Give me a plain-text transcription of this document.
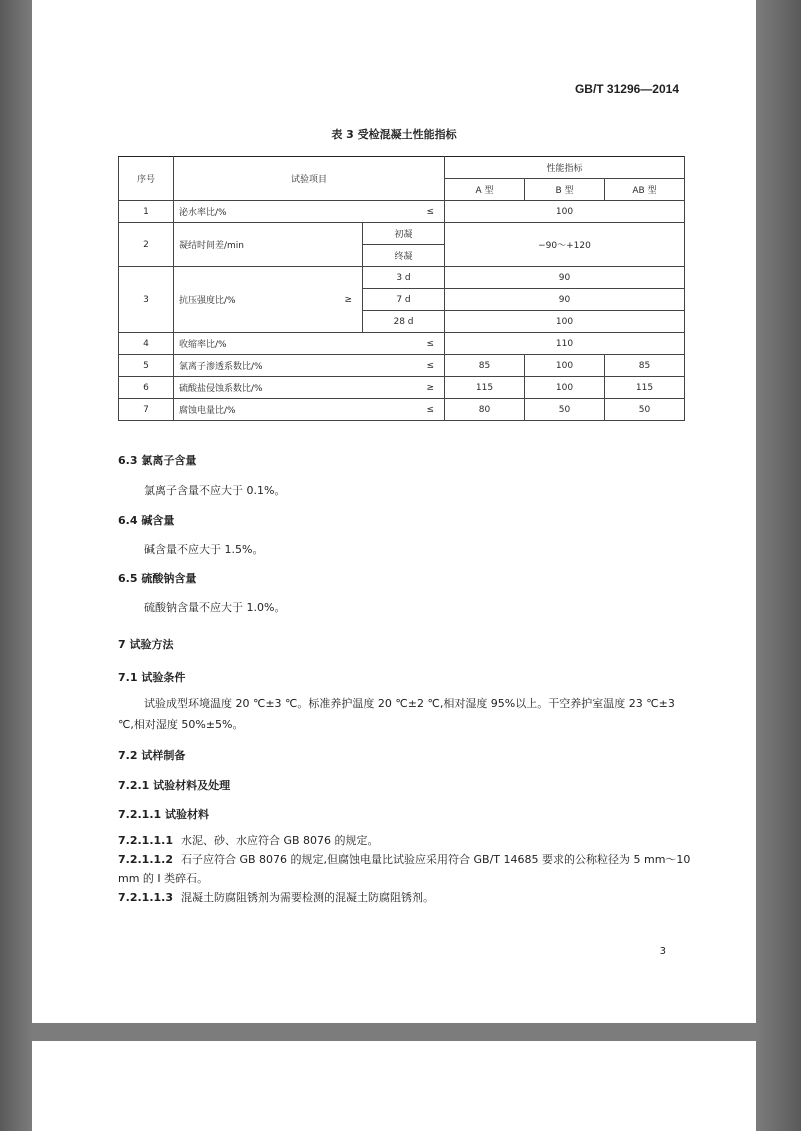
GB/T 31296—2014
表 3 受检混凝土性能指标
序号	试验项目			性能指标		
				A 型	B 型	AB 型
1	泌水率比/%		≤	100		
2	凝结时间差/min		初凝	−90～+120		
			终凝			
3	抗压强度比/%	≥	3 d	90		
			7 d	90		
			28 d	100		
4	收缩率比/%		≤	110		
5	氯离子渗透系数比/%		≤	85	100	85
6	硫酸盐侵蚀系数比/%		≥	115	100	115
7	腐蚀电量比/%		≤	80	50	50
6.3 氯离子含量
氯离子含量不应大于 0.1%。
6.4 碱含量
碱含量不应大于 1.5%。
6.5 硫酸钠含量
硫酸钠含量不应大于 1.0%。
7 试验方法
7.1 试验条件
试验成型环境温度 20 ℃±3 ℃。标准养护温度 20 ℃±2 ℃,相对湿度 95%以上。干空养护室温度 23 ℃±3 ℃,相对湿度 50%±5%。
7.2 试样制备
7.2.1 试验材料及处理
7.2.1.1 试验材料
7.2.1.1.1 水泥、砂、水应符合 GB 8076 的规定。
7.2.1.1.2 石子应符合 GB 8076 的规定,但腐蚀电量比试验应采用符合 GB/T 14685 要求的公称粒径为 5 mm～10 mm 的 Ⅰ 类碎石。
7.2.1.1.3 混凝土防腐阻锈剂为需要检测的混凝土防腐阻锈剂。
3
